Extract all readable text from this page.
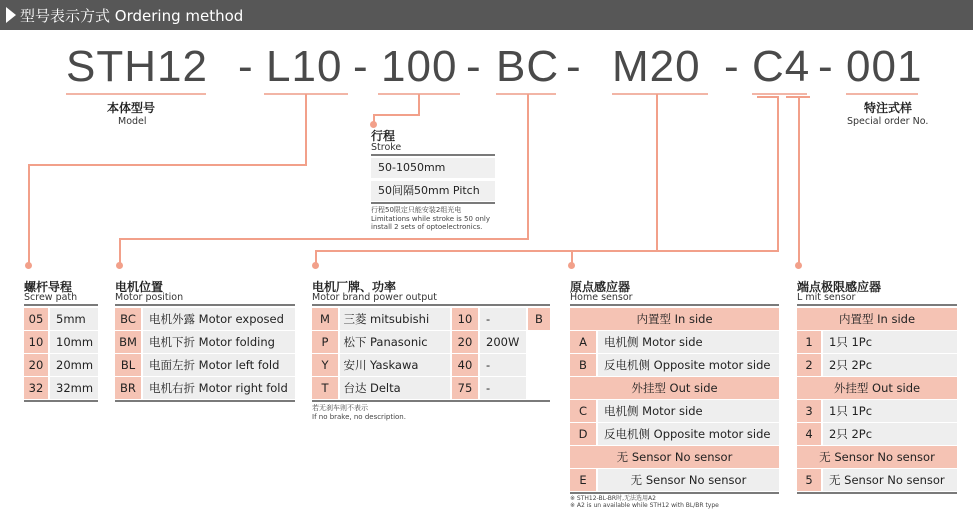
型号表示方式 Ordering method
STH12 - L10 - 100 - BC - M20 - C4 - 001
本体型号
Model
特注式样
Special order No.
行程
Stroke
50-1050mm
50间隔50mm Pitch
行程50限定只能安装2组光电
Limitations while stroke is 50 only
install 2 sets of optoelectronics.
螺杆导程
Screw path
05	5mm
10	10mm
20	20mm
32	32mm
电机位置
Motor position
BC	电机外露 Motor exposed
BM	电机下折 Motor folding
BL	电面左折 Motor left fold
BR	电机右折 Motor right fold
电机厂牌、功率
Motor brand power output
M	三菱 mitsubishi	10	-	B
P	松下 Panasonic	20	200W
Y	安川 Yaskawa	40	-
T	台达 Delta	75	-
若无刹车则不表示
If no brake, no description.
原点感应器
Home sensor
内置型 In side
A	电机侧 Motor side
B	反电机侧 Opposite motor side
外挂型 Out side
C	电机侧 Motor side
D	反电机侧 Opposite motor side
无 Sensor No sensor
E	无 Sensor No sensor
※ STH12-BL-BR时,无法选用A2
※ A2 is un available while STH12 with BL/BR type
端点极限感应器
L mit sensor
内置型 In side
1	1只 1Pc
2	2只 2Pc
外挂型 Out side
3	1只 1Pc
4	2只 2Pc
无 Sensor No sensor
5	无 Sensor No sensor
